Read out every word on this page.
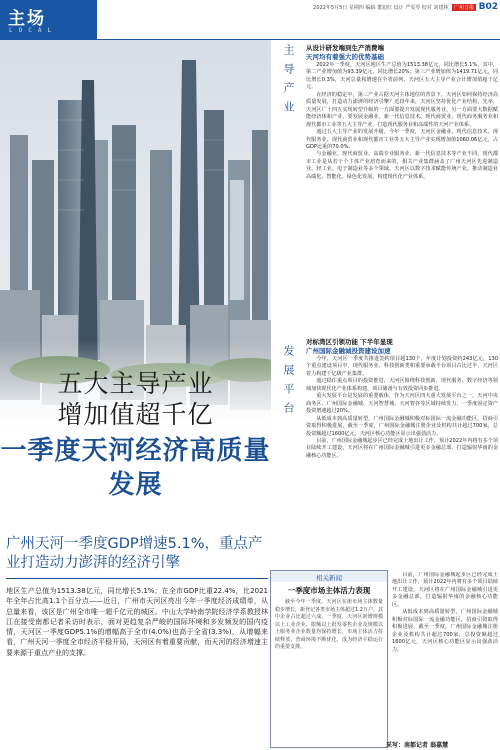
主场
LOCAL
2022年5月5日 星期四 编辑 董旭红 设计 严雯琴 校对 刘建林 广州日报 B02
五大主导产业
增加值超千亿
一季度天河经济高质量发展
广州天河一季度GDP增速5.1%，重点产业打造动力澎湃的经济引擎
地区生产总值为1513.38亿元，同比增长5.1%；在全市GDP比重22.4%，比2021年全年占比高1.1个百分点——近日，广州市天河区亮出今年一季度经济成绩单，从总量来看，该区是广州全市唯一超千亿元的城区。中山大学岭南学院经济学系教授林江在接受南都记者采访时表示，面对更趋复杂严峻的国际环境和多发频发的国内疫情，天河区一季度GDP5.1%的增幅高于全市(4.0%)也高于全省(3.3%)，从增幅来看，广州天河一季度全市经济平稳开局，天河区有着重要贡献，而天河的经济增速主要来源于重点产业的支撑。
主导产业
发展平台
从设计研发端到生产消费端
天河均有着强大的优势基础

2022年一季度，天河区地区生产总值为1513.38亿元，同比增长5.1%，其中，第二产业增加值为93.39亿元，同比增长20%；第三产业增加值为1419.71亿元，同比增长0.3%，天河总量和增速在全省前列，天河区五大主导产业合计增加值超千亿元。

在经济的稳定中，第三产业占据天河主体地位的背景下，天河区如何保持经济高质量发展，打造动力澎湃的经济引擎？近段年来，天河区坚持优化产业结构，先举，天河区广十四五实现转型升级的一方面要提升发展现代服务业，另一方面要大数据赋能经济体和产业，要发展金融业，新一代信息技术、现代商贸业、现代商务服务业和现代都市工业等五大主导产业，打造现代服务业和高端性的天河产业体系。

通过五大主导产业的发展升级，今年一季度，天河区金融业、现代信息技术、现代服务业、现代商贸业和现代都市工业等五大主导产业实现增加值1060.06亿元，占GDP比重的70.0%。

与金融业、现代商贸业、高端专业服务业、新一代信息技术等产业不同，现代都市工业是从若干个主体产业培育而来的，相关产业集群涵盖了广州天河区先进制造业、轻工业、电子制造业等多个领域。天河区以数字技术赋能传统产业，推动制造业高端化、智能化、绿色化发展，构建现代化产业体系。

对标湾区引领功能 下半年显现
广州国际金融城投资建设加速

今年，天河区一季度共推进签约项目超130个，年度计划投资约243亿元，130个重点建设项目中，现代服务业、科技创新类和重要承载平台项目占比过半，天河区着力构建千亿级产业集群。

通过稳住重点项目的投资推进，天河区围绕科技创新、现代服务、数字经济等领域加快现代化产业体系构建，项目储备与有效投资同步推进。

重大发展平台是发展的重要载体，作为天河区四大重大发展平台之一，天河中央商务区、广州国际金融城、天河智慧城、天河智谷等区域持续发力，一季度固定资产投资增速超过20%。

从低成本到高质量转型，广州国际金融城积极对标国际一流金融功能区，招商引资取得积极进展，截至一季度，广州国际金融城注册企业及机构共计超过700家，总投资额超过1600亿元，天河区核心功能区显示出强劲活力。

目前，广州国际金融城起步区已经完成土地出让工作，预计2022年内将有多个项目陆续开工建设，天河区将在广州国际金融城引进更多金融总部，打造辐射华南的金融核心功能区。

目前，广州国际金融城起步区已经完成土地出让工作，预计2022年内将有多个项目陆续开工建设，天河区将在广州国际金融城引进更多金融总部，打造辐射华南的金融核心功能区。

从低成本到高质量转型，广州国际金融城积极对标国际一流金融功能区，招商引资取得积极进展，截至一季度，广州国际金融城注册企业及机构共计超过700家，总投资额超过1600亿元，天河区核心功能区显示出强劲活力。

相关新闻
一季度市场主体活力表现
截至今年一季度，天河区在册市场主体数量稳步增长，新登记各类市场主体超过1.2万户，其中企业占比超过六成。一季度，天河区新增规模以上工业企业、限额以上批发零售企业及规模以上服务业企业数量均保持增长，市场主体活力持续释放，营商环境不断优化，成为经济平稳运行的重要支撑。
采写：南都记者 翁嘉慧
